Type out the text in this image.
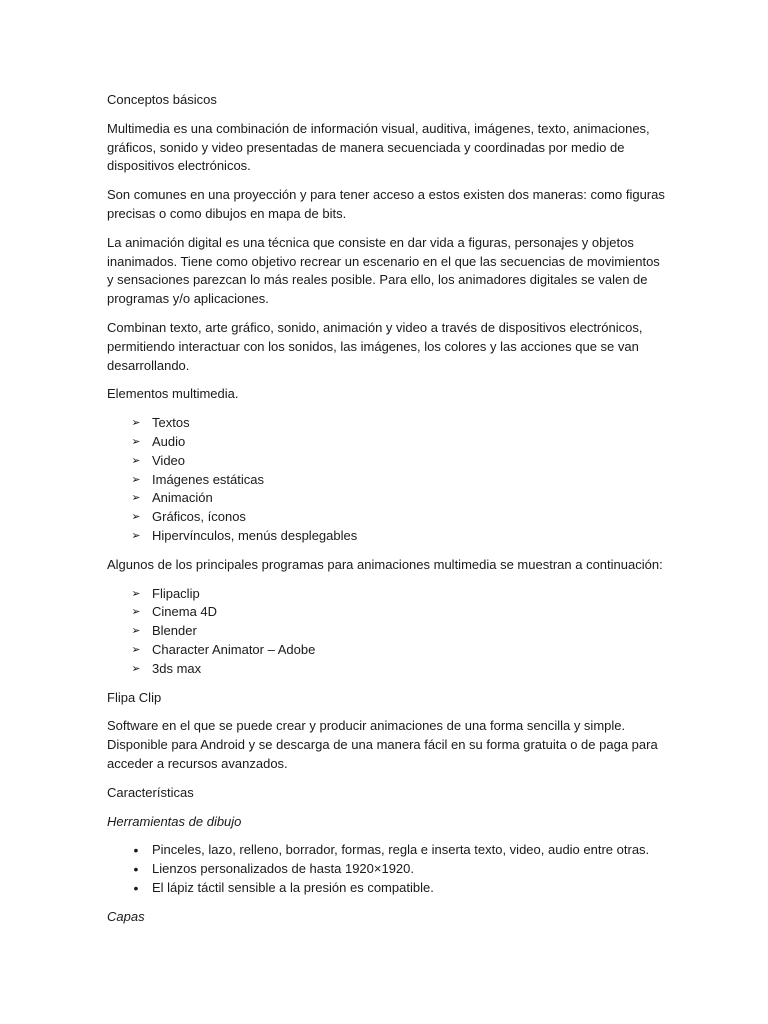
Conceptos básicos

Multimedia es una combinación de información visual, auditiva, imágenes, texto, animaciones, gráficos, sonido y video presentadas de manera secuenciada y coordinadas por medio de dispositivos electrónicos.

Son comunes en una proyección y para tener acceso a estos existen dos maneras: como figuras precisas o como dibujos en mapa de bits.

La animación digital es una técnica que consiste en dar vida a figuras, personajes y objetos inanimados. Tiene como objetivo recrear un escenario en el que las secuencias de movimientos y sensaciones parezcan lo más reales posible. Para ello, los animadores digitales se valen de programas y/o aplicaciones.

Combinan texto, arte gráfico, sonido, animación y video a través de dispositivos electrónicos, permitiendo interactuar con los sonidos, las imágenes, los colores y las acciones que se van desarrollando.

Elementos multimedia.

➢ Textos
➢ Audio
➢ Video
➢ Imágenes estáticas
➢ Animación
➢ Gráficos, íconos
➢ Hipervínculos, menús desplegables

Algunos de los principales programas para animaciones multimedia se muestran a continuación:

➢ Flipaclip
➢ Cinema 4D
➢ Blender
➢ Character Animator – Adobe
➢ 3ds max

Flipa Clip

Software en el que se puede crear y producir animaciones de una forma sencilla y simple. Disponible para Android y se descarga de una manera fácil en su forma gratuita o de paga para acceder a recursos avanzados.

Características

Herramientas de dibujo

•	Pinceles, lazo, relleno, borrador, formas, regla e inserta texto, video, audio entre otras.
•	Lienzos personalizados de hasta 1920×1920.
•	El lápiz táctil sensible a la presión es compatible.

Capas
